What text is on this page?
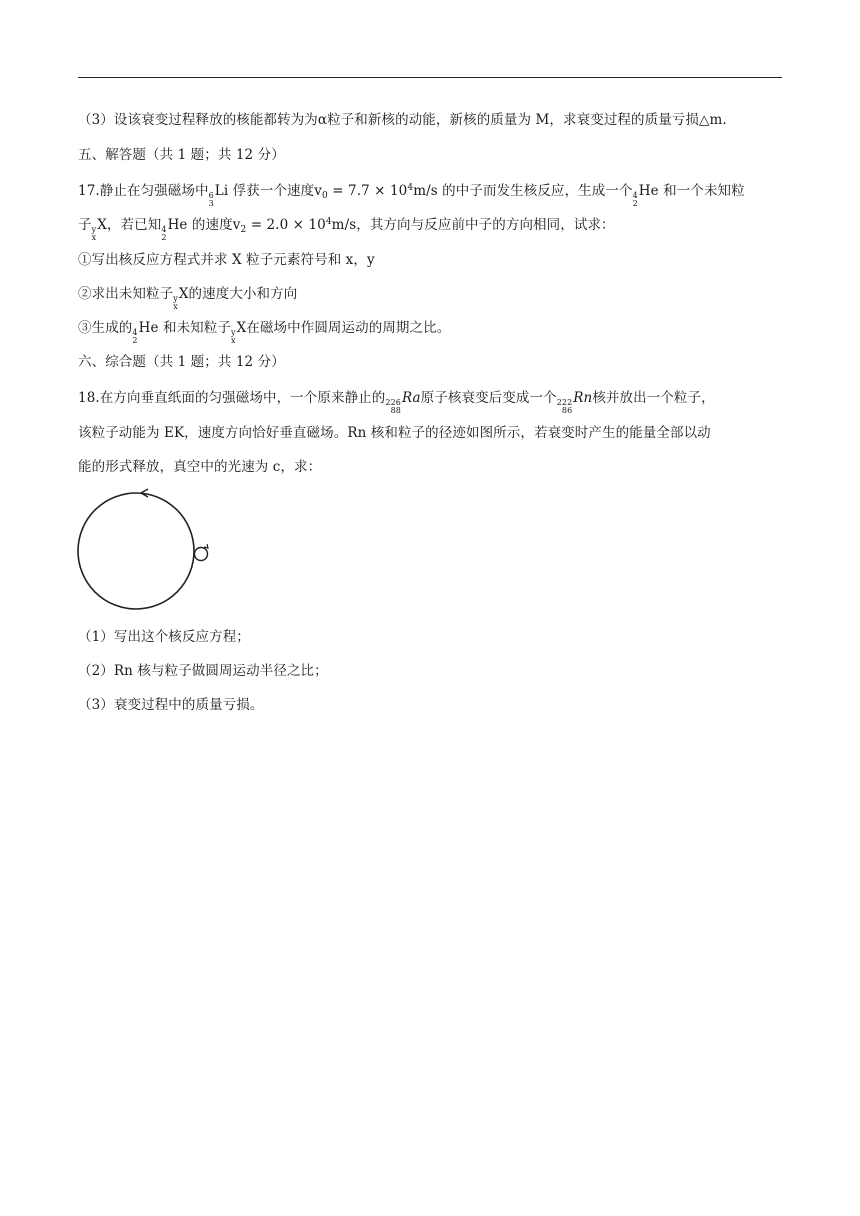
（3）设该衰变过程释放的核能都转为为α粒子和新核的动能，新核的质量为 M，求衰变过程的质量亏损△m.
五、解答题（共 1 题；共 12 分）
17.静止在匀强磁场中 6
3
Li 俘获一个速度$v_0 = 7.7 \times 10^4m/s$ 的中子而发生核反应，生成一个 4
2
He 和一个未知粒
子 y
x
X，若已知 4
2
He 的速度$v_2 = 2.0 \times 10^4m/s$，其方向与反应前中子的方向相同，试求：
①写出核反应方程式并求 X 粒子元素符号和 x，y
②求出未知粒子 y
x
X的速度大小和方向
③生成的 4
2
He 和未知粒子 y
x
X在磁场中作圆周运动的周期之比。
六、综合题（共 1 题；共 12 分）
18.在方向垂直纸面的匀强磁场中，一个原来静止的 226
88
Ra原子核衰变后变成一个 222
86
Rn核并放出一个粒子，
该粒子动能为 EK，速度方向恰好垂直磁场。Rn 核和粒子的径迹如图所示，若衰变时产生的能量全部以动
能的形式释放，真空中的光速为 c，求：
（1）写出这个核反应方程；
（2）Rn 核与粒子做圆周运动半径之比；
（3）衰变过程中的质量亏损。
